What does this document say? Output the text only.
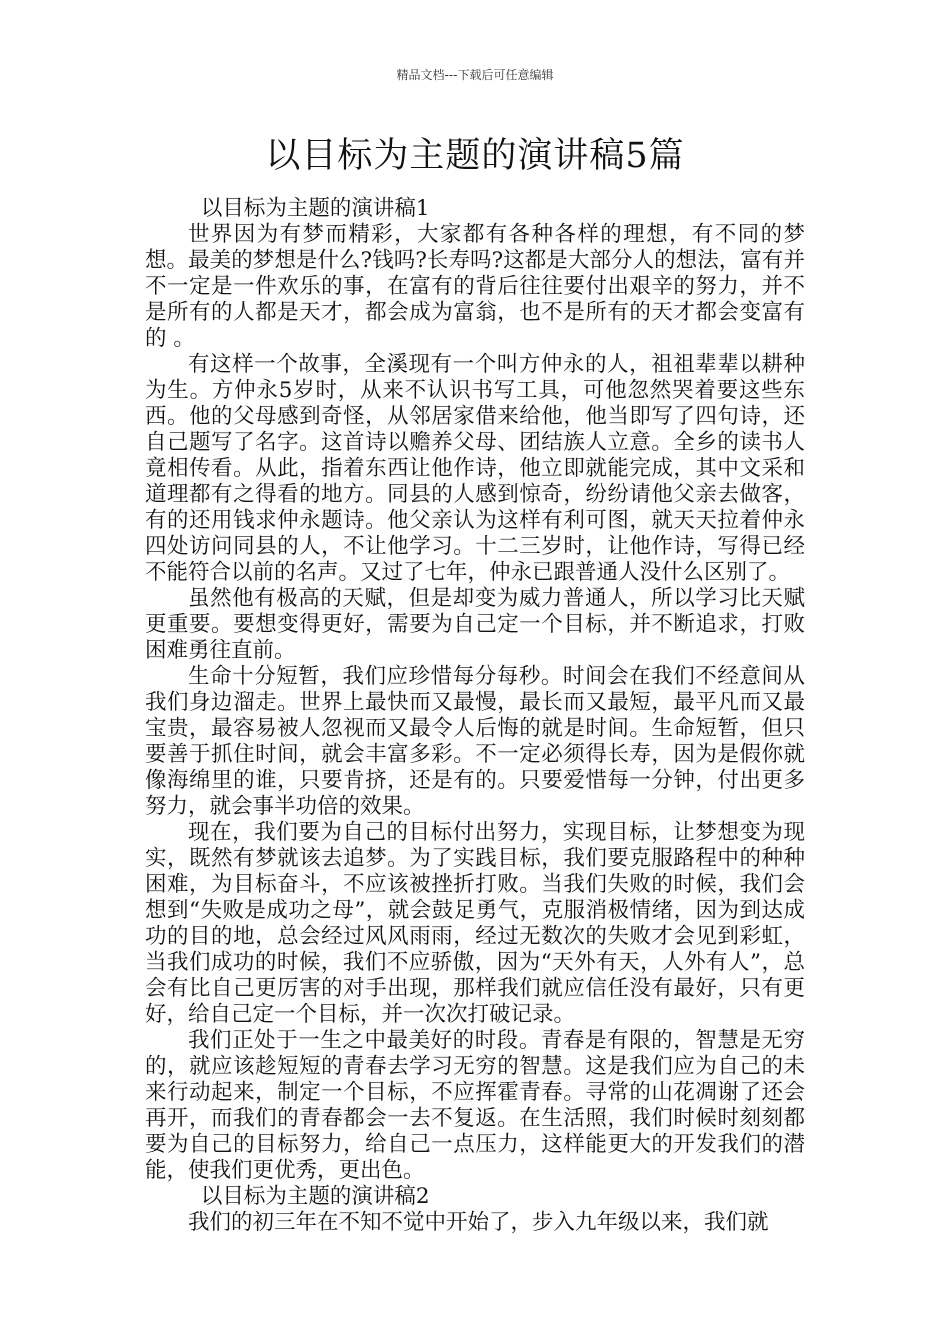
精品文档---下载后可任意编辑
以目标为主题的演讲稿5篇

以目标为主题的演讲稿1

世界因为有梦而精彩，大家都有各种各样的理想，有不同的梦想。最美的梦想是什么?钱吗?长寿吗?这都是大部分人的想法，富有并不一定是一件欢乐的事，在富有的背后往往要付出艰辛的努力，并不是所有的人都是天才，都会成为富翁，也不是所有的天才都会变富有的 。

有这样一个故事，全溪现有一个叫方仲永的人，祖祖辈辈以耕种为生。方仲永5岁时，从来不认识书写工具，可他忽然哭着要这些东西。他的父母感到奇怪，从邻居家借来给他，他当即写了四句诗，还自己题写了名字。这首诗以赡养父母、团结族人立意。全乡的读书人竟相传看。从此，指着东西让他作诗，他立即就能完成，其中文采和道理都有之得看的地方。同县的人感到惊奇，纷纷请他父亲去做客，有的还用钱求仲永题诗。他父亲认为这样有利可图，就天天拉着仲永四处访问同县的人，不让他学习。十二三岁时，让他作诗，写得已经不能符合以前的名声。又过了七年，仲永已跟普通人没什么区别了。

虽然他有极高的天赋，但是却变为威力普通人，所以学习比天赋更重要。要想变得更好，需要为自己定一个目标，并不断追求，打败困难勇往直前。

生命十分短暂，我们应珍惜每分每秒。时间会在我们不经意间从我们身边溜走。世界上最快而又最慢，最长而又最短，最平凡而又最宝贵，最容易被人忽视而又最令人后悔的就是时间。生命短暂，但只要善于抓住时间，就会丰富多彩。不一定必须得长寿，因为是假你就像海绵里的谁，只要肯挤，还是有的。只要爱惜每一分钟，付出更多努力，就会事半功倍的效果。

现在，我们要为自己的目标付出努力，实现目标，让梦想变为现实，既然有梦就该去追梦。为了实践目标，我们要克服路程中的种种困难，为目标奋斗，不应该被挫折打败。当我们失败的时候，我们会想到“失败是成功之母”，就会鼓足勇气，克服消极情绪，因为到达成功的目的地，总会经过风风雨雨，经过无数次的失败才会见到彩虹，当我们成功的时候，我们不应骄傲，因为“天外有天，人外有人”，总会有比自己更厉害的对手出现，那样我们就应信任没有最好，只有更好，给自己定一个目标，并一次次打破记录。

我们正处于一生之中最美好的时段。青春是有限的，智慧是无穷的，就应该趁短短的青春去学习无穷的智慧。这是我们应为自己的未来行动起来，制定一个目标，不应挥霍青春。寻常的山花凋谢了还会再开，而我们的青春都会一去不复返。在生活照，我们时候时刻刻都要为自己的目标努力，给自己一点压力，这样能更大的开发我们的潜能，使我们更优秀，更出色。

以目标为主题的演讲稿2

我们的初三年在不知不觉中开始了，步入九年级以来，我们就
